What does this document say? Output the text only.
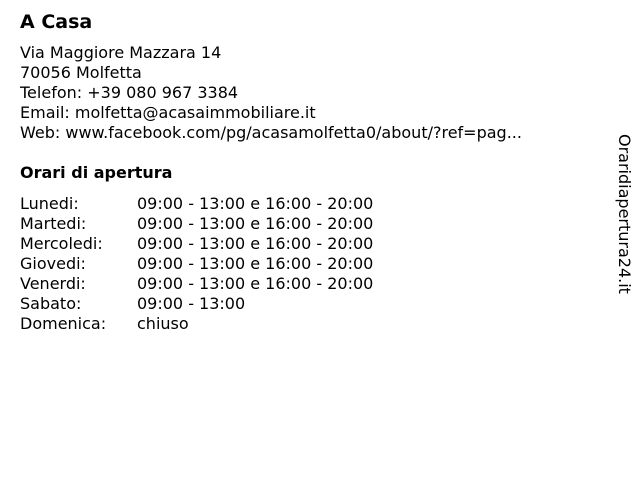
A Casa
Via Maggiore Mazzara 14
70056 Molfetta
Telefon: +39 080 967 3384
Email: molfetta@acasaimmobiliare.it
Web: www.facebook.com/pg/acasamolfetta0/about/?ref=pag...
Orari di apertura
Lunedi:	09:00 - 13:00 e 16:00 - 20:00
Martedi:	09:00 - 13:00 e 16:00 - 20:00
Mercoledi:	09:00 - 13:00 e 16:00 - 20:00
Giovedi:	09:00 - 13:00 e 16:00 - 20:00
Venerdi:	09:00 - 13:00 e 16:00 - 20:00
Sabato:	09:00 - 13:00
Domenica:	chiuso
Oraridiapertura24.it
